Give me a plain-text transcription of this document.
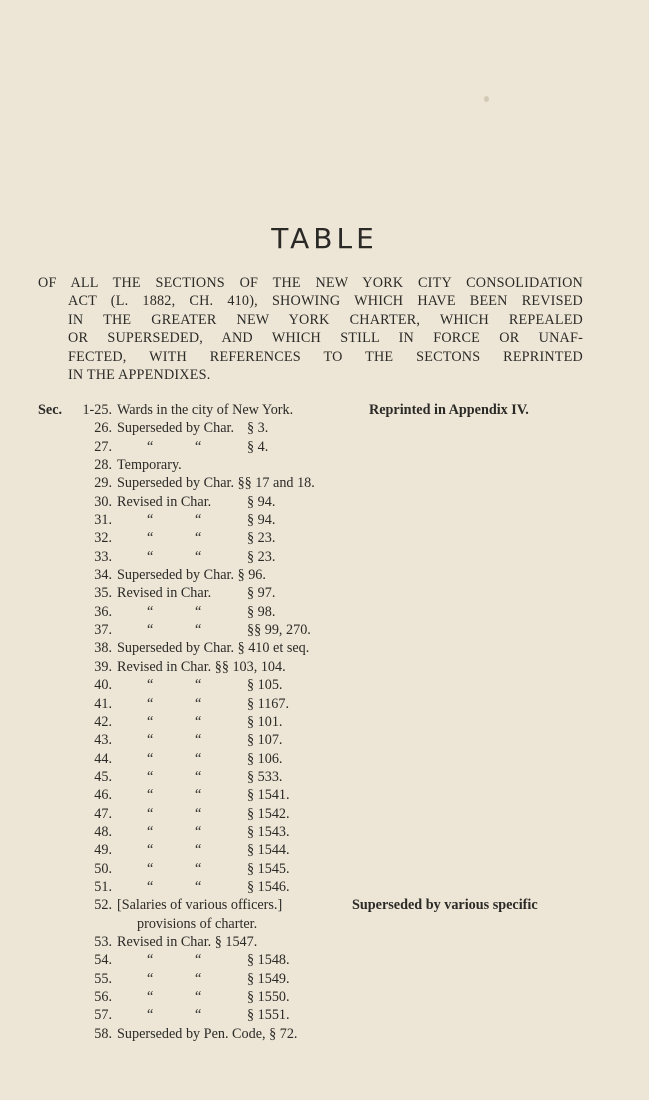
TABLE
OF ALL THE SECTIONS OF THE NEW YORK CITY CONSOLIDATION
ACT (L. 1882, CH. 410), SHOWING WHICH HAVE BEEN REVISED
IN THE GREATER NEW YORK CHARTER, WHICH REPEALED
OR SUPERSEDED, AND WHICH STILL IN FORCE OR UNAF-
FECTED, WITH REFERENCES TO THE SECTONS REPRINTED
IN THE APPENDIXES.
Sec.	1-25. Wards in the city of New York.	Reprinted in Appendix IV.
26. Superseded by Char. § 3.
27. “	“	§ 4.
28. Temporary.
29. Superseded by Char. §§ 17 and 18.
30. Revised in Char.	§ 94.
31. “	“	§ 94.
32. “	“	§ 23.
33. “	“	§ 23.
34. Superseded by Char. § 96.
35. Revised in Char.	§ 97.
36. “	“	§ 98.
37. “	“	§§ 99, 270.
38. Superseded by Char. § 410 et seq.
39. Revised in Char. §§ 103, 104.
40. “	“	§ 105.
41. “	“	§ 1167.
42. “	“	§ 101.
43. “	“	§ 107.
44. “	“	§ 106.
45. “	“	§ 533.
46. “	“	§ 1541.
47. “	“	§ 1542.
48. “	“	§ 1543.
49. “	“	§ 1544.
50. “	“	§ 1545.
51. “	“	§ 1546.
52. [Salaries of various officers.]	Superseded by various specific
provisions of charter.
53. Revised in Char. § 1547.
54. “	“	§ 1548.
55. “	“	§ 1549.
56. “	“	§ 1550.
57. “	“	§ 1551.
58. Superseded by Pen. Code, § 72.
